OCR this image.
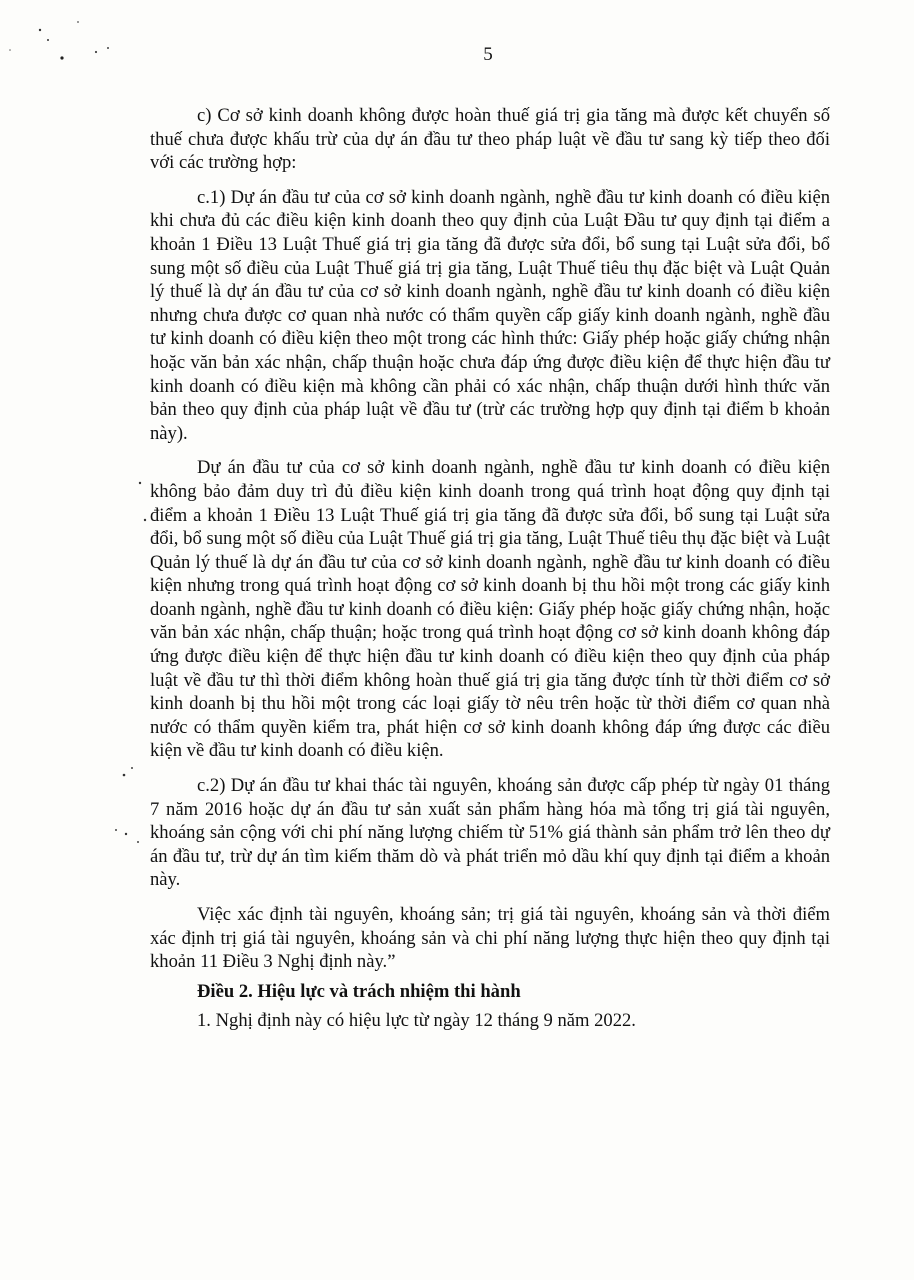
5

c) Cơ sở kinh doanh không được hoàn thuế giá trị gia tăng mà được kết chuyển số thuế chưa được khấu trừ của dự án đầu tư theo pháp luật về đầu tư sang kỳ tiếp theo đối với các trường hợp:

c.1) Dự án đầu tư của cơ sở kinh doanh ngành, nghề đầu tư kinh doanh có điều kiện khi chưa đủ các điều kiện kinh doanh theo quy định của Luật Đầu tư quy định tại điểm a khoản 1 Điều 13 Luật Thuế giá trị gia tăng đã được sửa đổi, bổ sung tại Luật sửa đổi, bổ sung một số điều của Luật Thuế giá trị gia tăng, Luật Thuế tiêu thụ đặc biệt và Luật Quản lý thuế là dự án đầu tư của cơ sở kinh doanh ngành, nghề đầu tư kinh doanh có điều kiện nhưng chưa được cơ quan nhà nước có thẩm quyền cấp giấy kinh doanh ngành, nghề đầu tư kinh doanh có điều kiện theo một trong các hình thức: Giấy phép hoặc giấy chứng nhận hoặc văn bản xác nhận, chấp thuận hoặc chưa đáp ứng được điều kiện để thực hiện đầu tư kinh doanh có điều kiện mà không cần phải có xác nhận, chấp thuận dưới hình thức văn bản theo quy định của pháp luật về đầu tư (trừ các trường hợp quy định tại điểm b khoản này).

Dự án đầu tư của cơ sở kinh doanh ngành, nghề đầu tư kinh doanh có điều kiện không bảo đảm duy trì đủ điều kiện kinh doanh trong quá trình hoạt động quy định tại điểm a khoản 1 Điều 13 Luật Thuế giá trị gia tăng đã được sửa đổi, bổ sung tại Luật sửa đổi, bổ sung một số điều của Luật Thuế giá trị gia tăng, Luật Thuế tiêu thụ đặc biệt và Luật Quản lý thuế là dự án đầu tư của cơ sở kinh doanh ngành, nghề đầu tư kinh doanh có điều kiện nhưng trong quá trình hoạt động cơ sở kinh doanh bị thu hồi một trong các giấy kinh doanh ngành, nghề đầu tư kinh doanh có điều kiện: Giấy phép hoặc giấy chứng nhận, hoặc văn bản xác nhận, chấp thuận; hoặc trong quá trình hoạt động cơ sở kinh doanh không đáp ứng được điều kiện để thực hiện đầu tư kinh doanh có điều kiện theo quy định của pháp luật về đầu tư thì thời điểm không hoàn thuế giá trị gia tăng được tính từ thời điểm cơ sở kinh doanh bị thu hồi một trong các loại giấy tờ nêu trên hoặc từ thời điểm cơ quan nhà nước có thẩm quyền kiểm tra, phát hiện cơ sở kinh doanh không đáp ứng được các điều kiện về đầu tư kinh doanh có điều kiện.

c.2) Dự án đầu tư khai thác tài nguyên, khoáng sản được cấp phép từ ngày 01 tháng 7 năm 2016 hoặc dự án đầu tư sản xuất sản phẩm hàng hóa mà tổng trị giá tài nguyên, khoáng sản cộng với chi phí năng lượng chiếm từ 51% giá thành sản phẩm trở lên theo dự án đầu tư, trừ dự án tìm kiếm thăm dò và phát triển mỏ dầu khí quy định tại điểm a khoản này.

Việc xác định tài nguyên, khoáng sản; trị giá tài nguyên, khoáng sản và thời điểm xác định trị giá tài nguyên, khoáng sản và chi phí năng lượng thực hiện theo quy định tại khoản 11 Điều 3 Nghị định này.”

Điều 2. Hiệu lực và trách nhiệm thi hành

1. Nghị định này có hiệu lực từ ngày 12 tháng 9 năm 2022.
